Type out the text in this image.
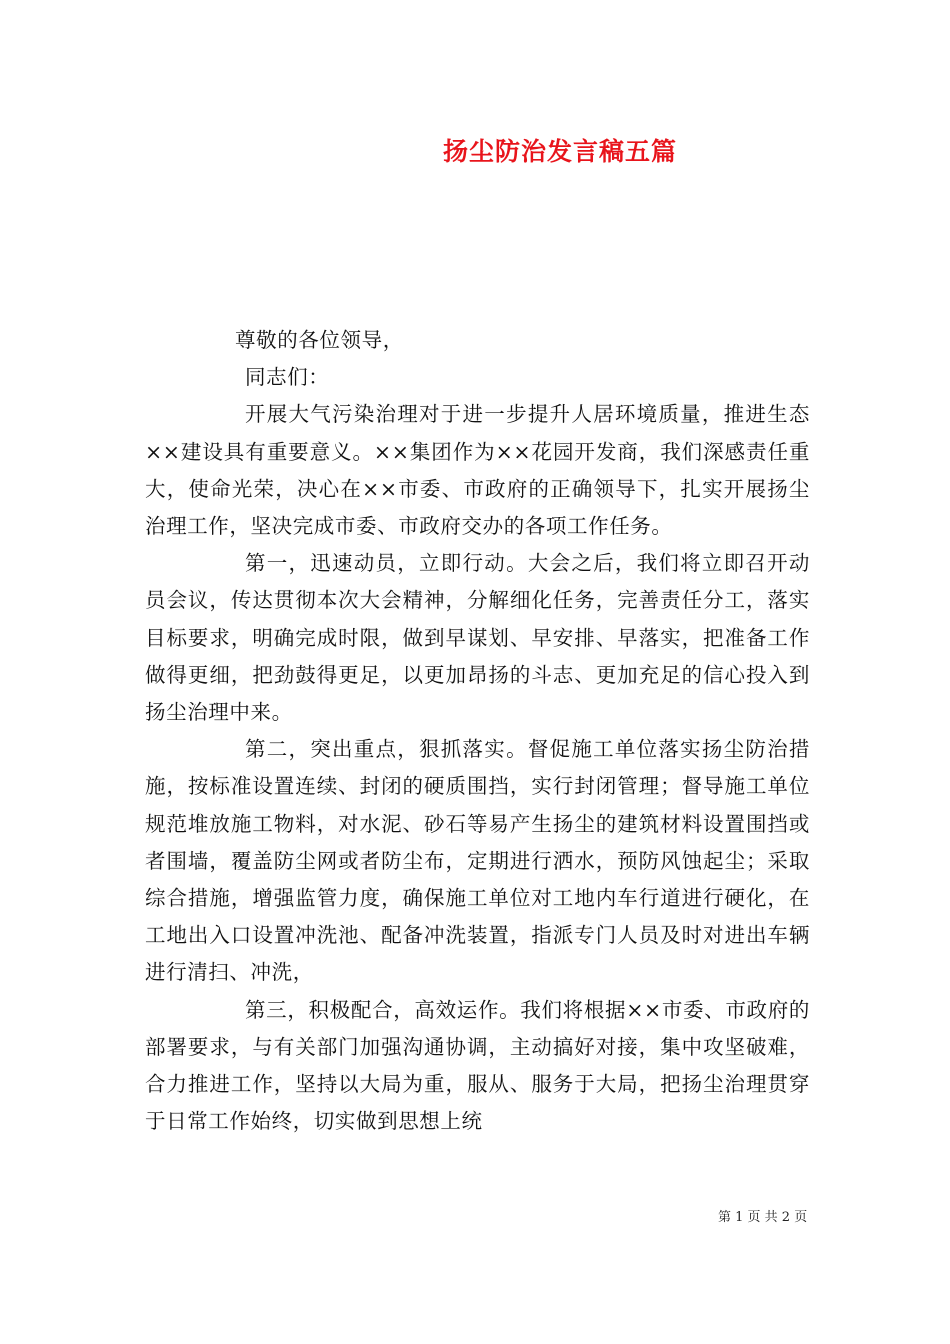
扬尘防治发言稿五篇

尊敬的各位领导，

同志们：

开展大气污染治理对于进一步提升人居环境质量，推进生态××建设具有重要意义。××集团作为××花园开发商，我们深感责任重大，使命光荣，决心在××市委、市政府的正确领导下，扎实开展扬尘治理工作，坚决完成市委、市政府交办的各项工作任务。

第一，迅速动员，立即行动。大会之后，我们将立即召开动员会议，传达贯彻本次大会精神，分解细化任务，完善责任分工，落实目标要求，明确完成时限，做到早谋划、早安排、早落实，把准备工作做得更细，把劲鼓得更足，以更加昂扬的斗志、更加充足的信心投入到扬尘治理中来。

第二，突出重点，狠抓落实。督促施工单位落实扬尘防治措施，按标准设置连续、封闭的硬质围挡，实行封闭管理；督导施工单位规范堆放施工物料，对水泥、砂石等易产生扬尘的建筑材料设置围挡或者围墙，覆盖防尘网或者防尘布，定期进行洒水，预防风蚀起尘；采取综合措施，增强监管力度，确保施工单位对工地内车行道进行硬化，在工地出入口设置冲洗池、配备冲洗装置，指派专门人员及时对进出车辆进行清扫、冲洗，

第三，积极配合，高效运作。我们将根据××市委、市政府的部署要求，与有关部门加强沟通协调，主动搞好对接，集中攻坚破难，合力推进工作，坚持以大局为重，服从、服务于大局，把扬尘治理贯穿于日常工作始终，切实做到思想上统

第 1 页 共 2 页
